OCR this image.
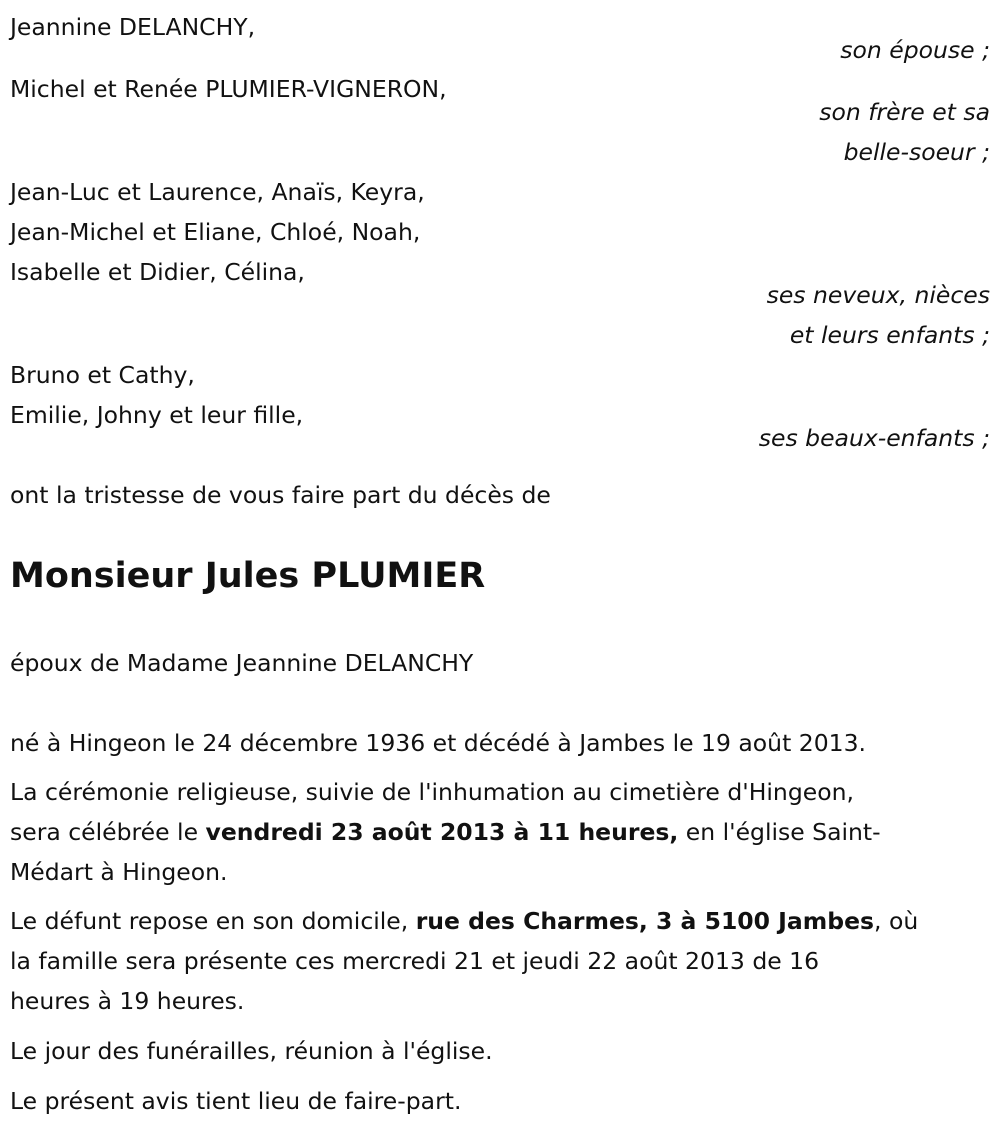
Jeannine DELANCHY,
son épouse ;
Michel et Renée PLUMIER-VIGNERON,
son frère et sa
belle-soeur ;
Jean-Luc et Laurence, Anaïs, Keyra,
Jean-Michel et Eliane, Chloé, Noah,
Isabelle et Didier, Célina,
ses neveux, nièces
et leurs enfants ;
Bruno et Cathy,
Emilie, Johny et leur fille,
ses beaux-enfants ;
ont la tristesse de vous faire part du décès de
Monsieur Jules PLUMIER
époux de Madame Jeannine DELANCHY
né à Hingeon le 24 décembre 1936 et décédé à Jambes le 19 août 2013.
La cérémonie religieuse, suivie de l'inhumation au cimetière d'Hingeon,
sera célébrée le vendredi 23 août 2013 à 11 heures, en l'église Saint-
Médart à Hingeon.
Le défunt repose en son domicile, rue des Charmes, 3 à 5100 Jambes, où
la famille sera présente ces mercredi 21 et jeudi 22 août 2013 de 16
heures à 19 heures.
Le jour des funérailles, réunion à l'église.
Le présent avis tient lieu de faire-part.
